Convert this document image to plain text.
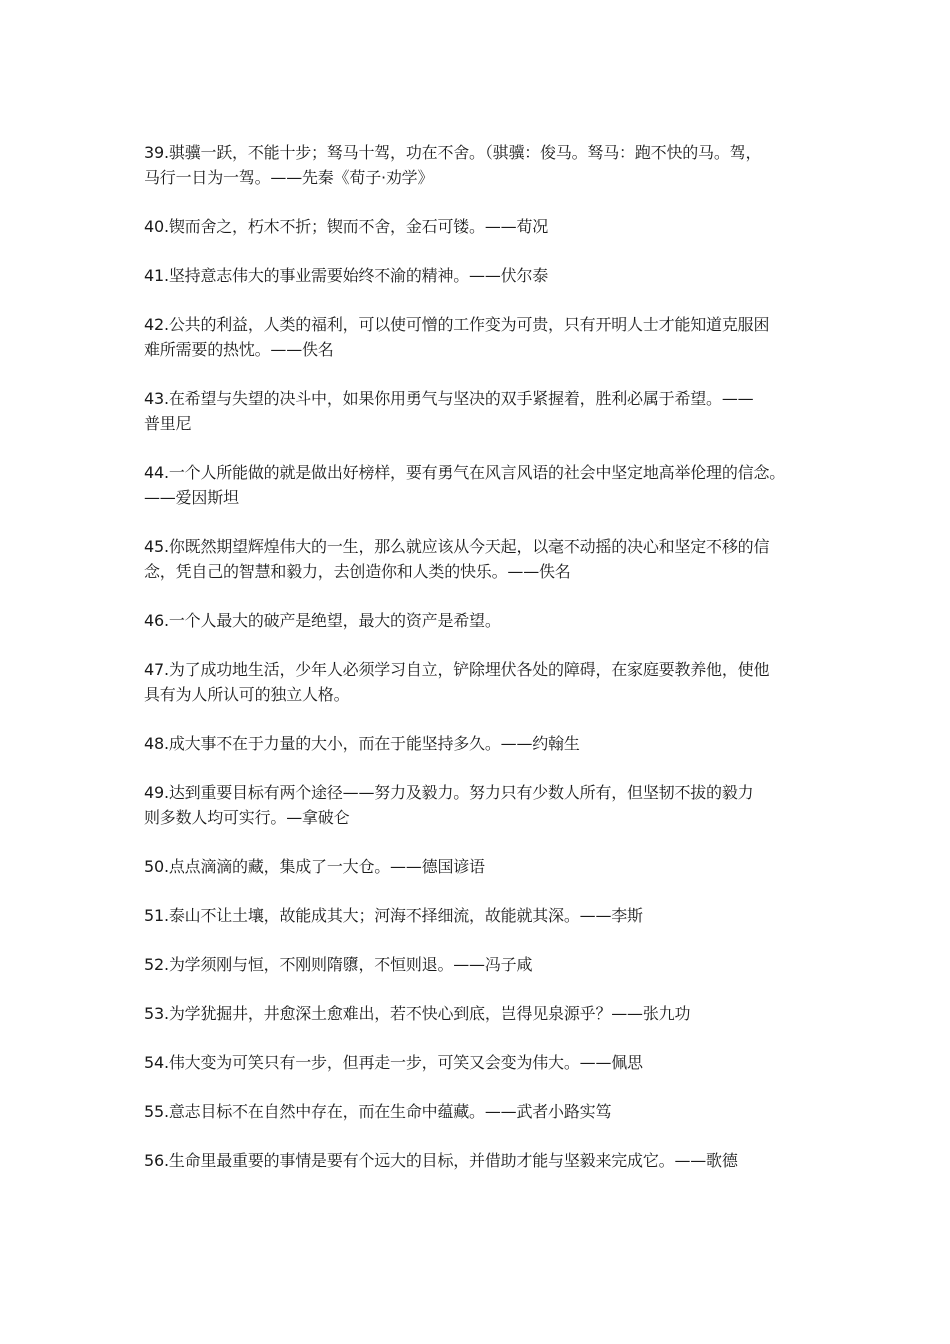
39.骐骥一跃，不能十步；驽马十驾，功在不舍。（骐骥：俊马。驽马：跑不快的马。驾，
马行一日为一驾。——先秦《荀子·劝学》

40.锲而舍之，朽木不折；锲而不舍，金石可镂。——荀况

41.坚持意志伟大的事业需要始终不渝的精神。——伏尔泰

42.公共的利益，人类的福利，可以使可憎的工作变为可贵，只有开明人士才能知道克服困
难所需要的热忱。——佚名

43.在希望与失望的决斗中，如果你用勇气与坚决的双手紧握着，胜利必属于希望。——
普里尼

44.一个人所能做的就是做出好榜样，要有勇气在风言风语的社会中坚定地高举伦理的信念。
——爱因斯坦

45.你既然期望辉煌伟大的一生，那么就应该从今天起，以毫不动摇的决心和坚定不移的信
念，凭自己的智慧和毅力，去创造你和人类的快乐。——佚名

46.一个人最大的破产是绝望，最大的资产是希望。

47.为了成功地生活，少年人必须学习自立，铲除埋伏各处的障碍，在家庭要教养他，使他
具有为人所认可的独立人格。

48.成大事不在于力量的大小，而在于能坚持多久。——约翰生

49.达到重要目标有两个途径——努力及毅力。努力只有少数人所有，但坚韧不拔的毅力
则多数人均可实行。—拿破仑

50.点点滴滴的藏，集成了一大仓。——德国谚语

51.泰山不让土壤，故能成其大；河海不择细流，故能就其深。——李斯

52.为学须刚与恒，不刚则隋隳，不恒则退。——冯子咸

53.为学犹掘井，井愈深土愈难出，若不快心到底，岂得见泉源乎？——张九功

54.伟大变为可笑只有一步，但再走一步，可笑又会变为伟大。——佩思

55.意志目标不在自然中存在，而在生命中蕴藏。——武者小路实笃

56.生命里最重要的事情是要有个远大的目标，并借助才能与坚毅来完成它。——歌德
